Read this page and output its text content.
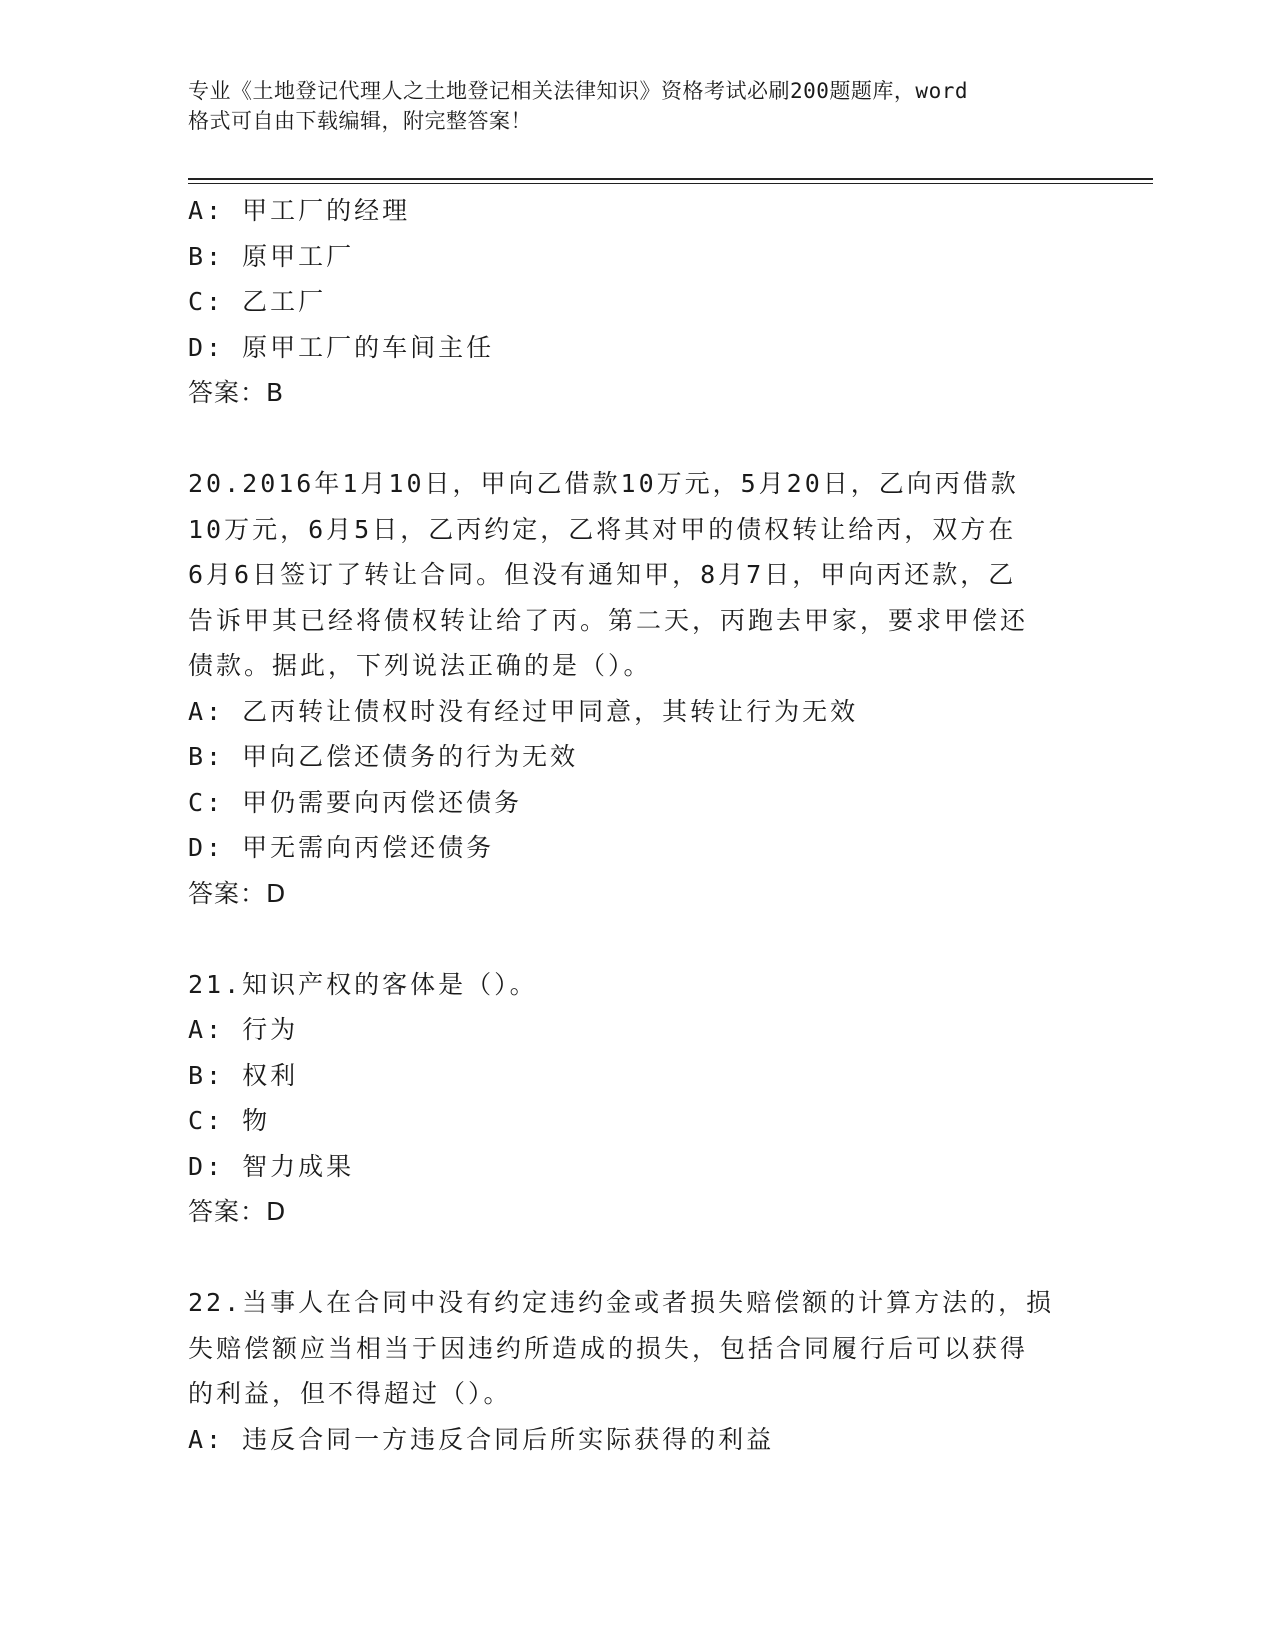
专业《土地登记代理人之土地登记相关法律知识》资格考试必刷200题题库，word
格式可自由下载编辑，附完整答案！
A: 甲工厂的经理
B: 原甲工厂
C: 乙工厂
D: 原甲工厂的车间主任
答案：B
20.2016年1月10日，甲向乙借款10万元，5月20日，乙向丙借款
10万元，6月5日，乙丙约定，乙将其对甲的债权转让给丙，双方在
6月6日签订了转让合同。但没有通知甲，8月7日，甲向丙还款，乙
告诉甲其已经将债权转让给了丙。第二天，丙跑去甲家，要求甲偿还
债款。据此，下列说法正确的是（）。
A: 乙丙转让债权时没有经过甲同意，其转让行为无效
B: 甲向乙偿还债务的行为无效
C: 甲仍需要向丙偿还债务
D: 甲无需向丙偿还债务
答案：D
21.知识产权的客体是（）。
A: 行为
B: 权利
C: 物
D: 智力成果
答案：D
22.当事人在合同中没有约定违约金或者损失赔偿额的计算方法的，损
失赔偿额应当相当于因违约所造成的损失，包括合同履行后可以获得
的利益，但不得超过（）。
A: 违反合同一方违反合同后所实际获得的利益
